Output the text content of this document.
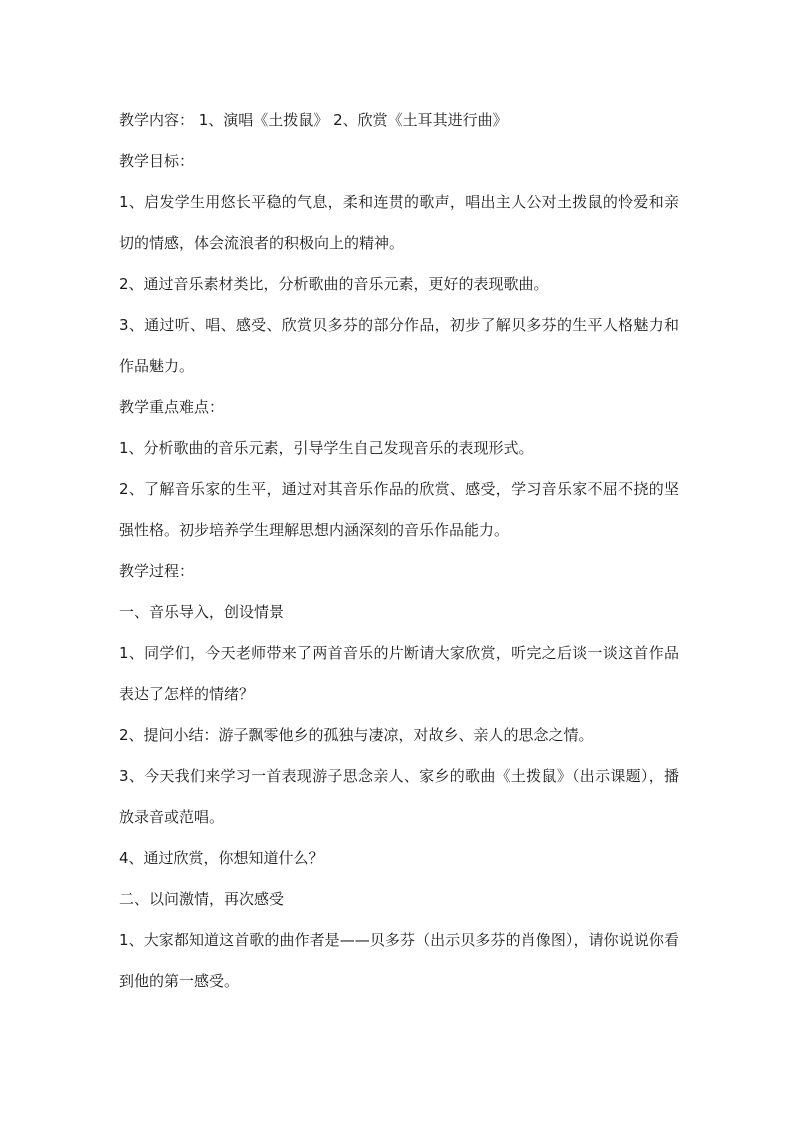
教学内容： 1、演唱《土拨鼠》 2、欣赏《土耳其进行曲》

教学目标：

1、启发学生用悠长平稳的气息，柔和连贯的歌声，唱出主人公对土拨鼠的怜爱和亲切的情感，体会流浪者的积极向上的精神。

2、通过音乐素材类比，分析歌曲的音乐元素，更好的表现歌曲。

3、通过听、唱、感受、欣赏贝多芬的部分作品，初步了解贝多芬的生平人格魅力和作品魅力。

教学重点难点：

1、分析歌曲的音乐元素，引导学生自己发现音乐的表现形式。

2、了解音乐家的生平，通过对其音乐作品的欣赏、感受，学习音乐家不屈不挠的坚强性格。初步培养学生理解思想内涵深刻的音乐作品能力。

教学过程：

一、音乐导入，创设情景

1、同学们，今天老师带来了两首音乐的片断请大家欣赏，听完之后谈一谈这首作品表达了怎样的情绪？

2、提问小结：游子飘零他乡的孤独与凄凉，对故乡、亲人的思念之情。

3、今天我们来学习一首表现游子思念亲人、家乡的歌曲《土拨鼠》（出示课题），播放录音或范唱。

4、通过欣赏，你想知道什么？

二、以问激情，再次感受

1、大家都知道这首歌的曲作者是——贝多芬（出示贝多芬的肖像图），请你说说你看到他的第一感受。
